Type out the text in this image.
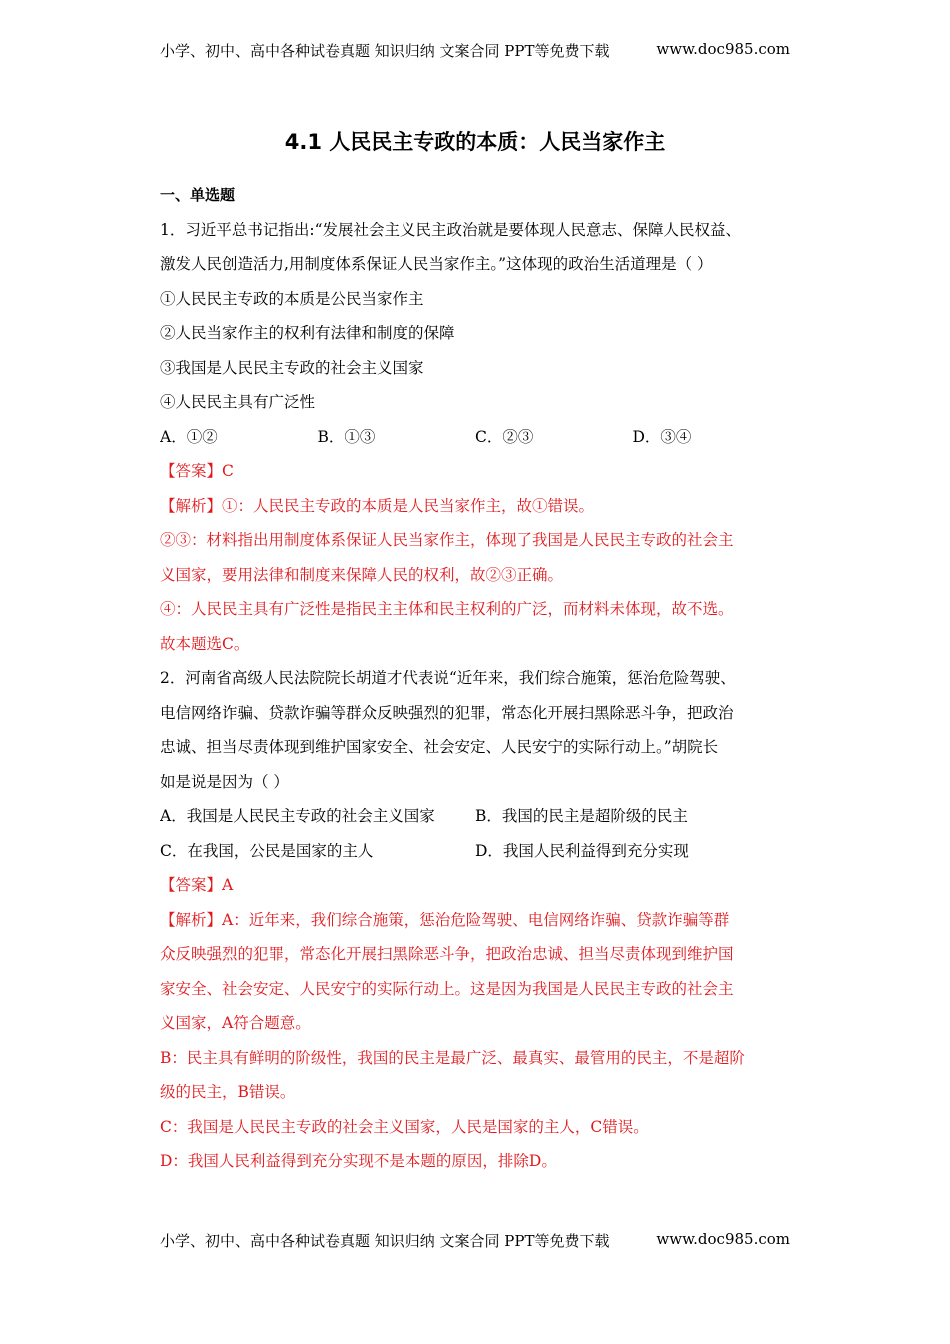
小学、初中、高中各种试卷真题 知识归纳 文案合同 PPT等免费下载	www.doc985.com
4.1 人民民主专政的本质：人民当家作主
一、单选题
1．习近平总书记指出:“发展社会主义民主政治就是要体现人民意志、保障人民权益、
激发人民创造活力,用制度体系保证人民当家作主。”这体现的政治生活道理是（ ）
①人民民主专政的本质是公民当家作主
②人民当家作主的权利有法律和制度的保障
③我国是人民民主专政的社会主义国家
④人民民主具有广泛性
A．①②	B．①③	C．②③	D．③④
【答案】C
【解析】①：人民民主专政的本质是人民当家作主，故①错误。
②③：材料指出用制度体系保证人民当家作主，体现了我国是人民民主专政的社会主
义国家，要用法律和制度来保障人民的权利，故②③正确。
④：人民民主具有广泛性是指民主主体和民主权利的广泛，而材料未体现，故不选。
故本题选C。
2．河南省高级人民法院院长胡道才代表说“近年来，我们综合施策，惩治危险驾驶、
电信网络诈骗、贷款诈骗等群众反映强烈的犯罪，常态化开展扫黑除恶斗争，把政治
忠诚、担当尽责体现到维护国家安全、社会安定、人民安宁的实际行动上。”胡院长
如是说是因为（ ）
A．我国是人民民主专政的社会主义国家	B．我国的民主是超阶级的民主
C．在我国，公民是国家的主人	D．我国人民利益得到充分实现
【答案】A
【解析】A：近年来，我们综合施策，惩治危险驾驶、电信网络诈骗、贷款诈骗等群
众反映强烈的犯罪，常态化开展扫黑除恶斗争，把政治忠诚、担当尽责体现到维护国
家安全、社会安定、人民安宁的实际行动上。这是因为我国是人民民主专政的社会主
义国家，A符合题意。
B：民主具有鲜明的阶级性，我国的民主是最广泛、最真实、最管用的民主，不是超阶
级的民主，B错误。
C：我国是人民民主专政的社会主义国家，人民是国家的主人，C错误。
D：我国人民利益得到充分实现不是本题的原因，排除D。
小学、初中、高中各种试卷真题 知识归纳 文案合同 PPT等免费下载	www.doc985.com
